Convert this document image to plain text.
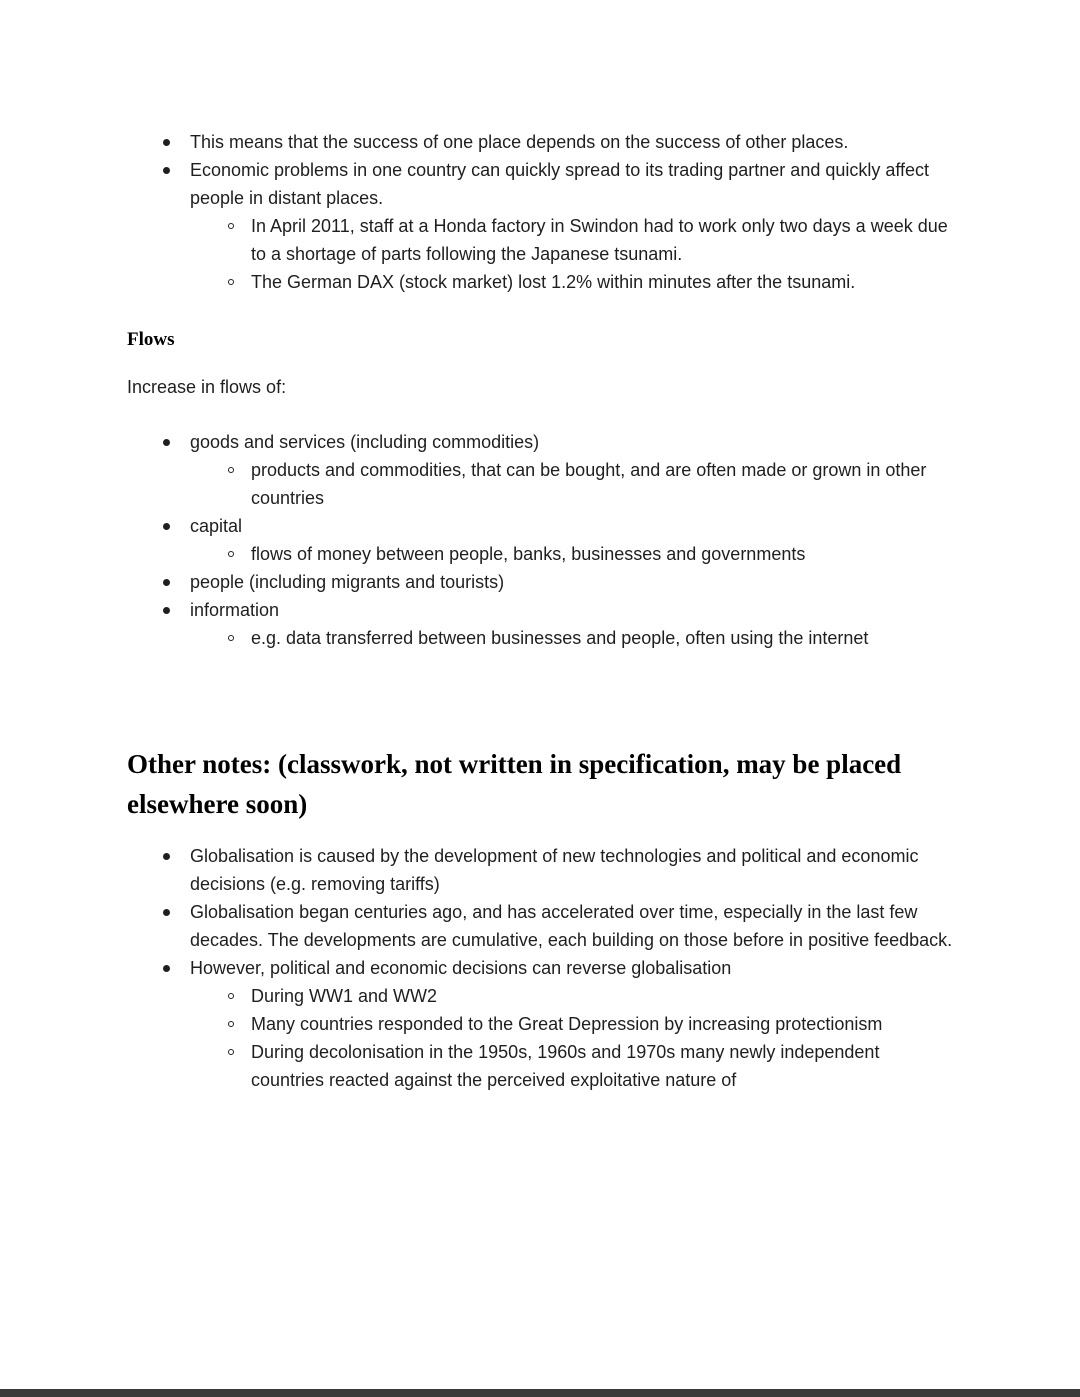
This means that the success of one place depends on the success of other places.
Economic problems in one country can quickly spread to its trading partner and quickly affect people in distant places.
In April 2011, staff at a Honda factory in Swindon had to work only two days a week due to a shortage of parts following the Japanese tsunami.
The German DAX (stock market) lost 1.2% within minutes after the tsunami.
Flows

Increase in flows of:

goods and services (including commodities)
products and commodities, that can be bought, and are often made or grown in other countries
capital
flows of money between people, banks, businesses and governments
people (including migrants and tourists)
information
e.g. data transferred between businesses and people, often using the internet
Other notes: (classwork, not written in specification, may be placed elsewhere soon)
Globalisation is caused by the development of new technologies and political and economic decisions (e.g. removing tariffs)
Globalisation began centuries ago, and has accelerated over time, especially in the last few decades. The developments are cumulative, each building on those before in positive feedback.
However, political and economic decisions can reverse globalisation
During WW1 and WW2
Many countries responded to the Great Depression by increasing protectionism
During decolonisation in the 1950s, 1960s and 1970s many newly independent countries reacted against the perceived exploitative nature of
